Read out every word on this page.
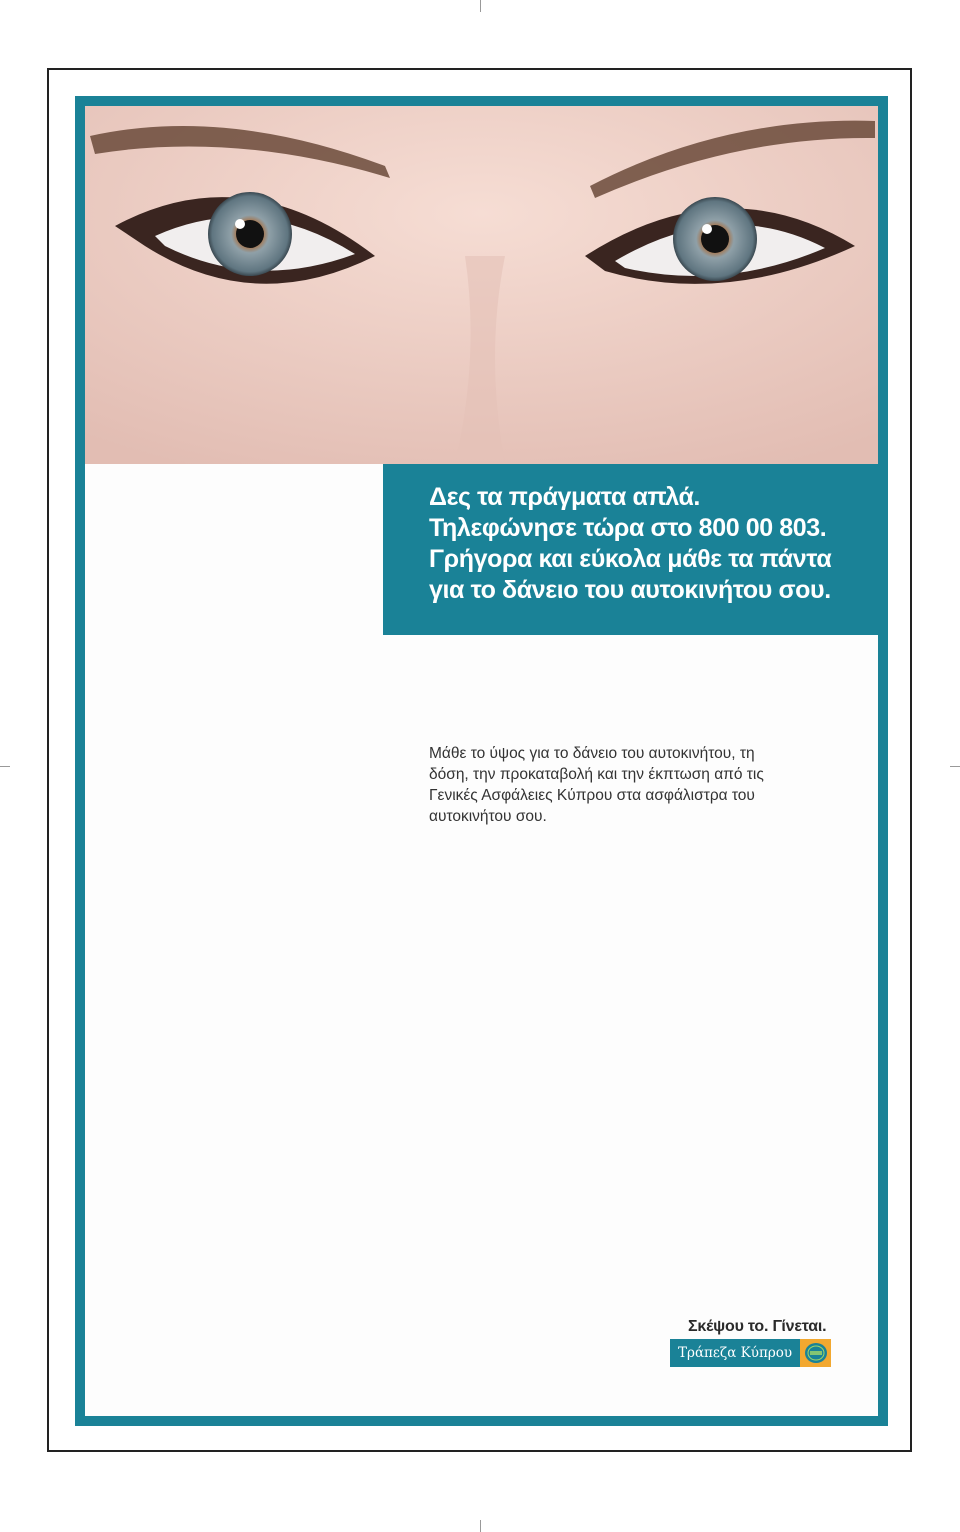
Δες τα πράγματα απλά.
Τηλεφώνησε τώρα στο 800 00 803.
Γρήγορα και εύκολα μάθε τα πάντα
για το δάνειο του αυτοκινήτου σου.
Μάθε το ύψος για το δάνειο του αυτοκινήτου, τη
δόση, την προκαταβολή και την έκπτωση από τις
Γενικές Ασφάλειες Κύπρου στα ασφάλιστρα του
αυτοκινήτου σου.
Σκέψου το. Γίνεται.
Τράπεζα Κύπρου
